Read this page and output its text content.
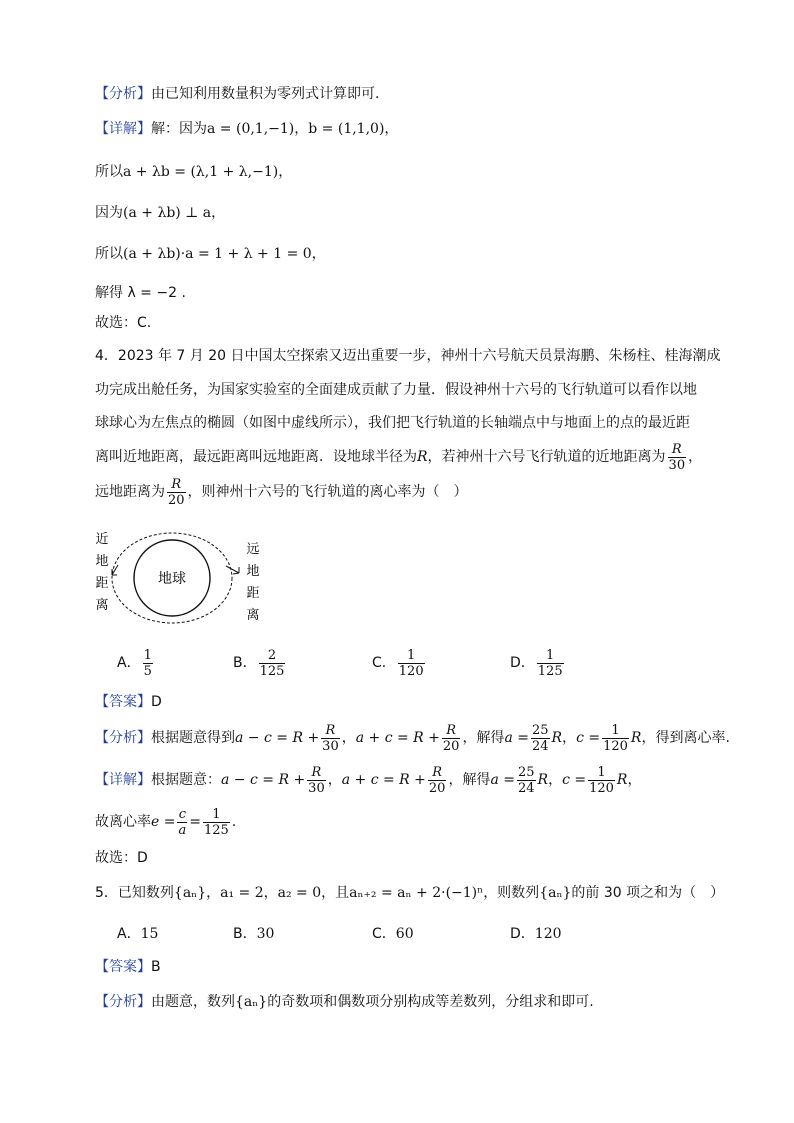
【分析】由已知利用数量积为零列式计算即可.
【详解】解：因为a = (0,1,−1)，b = (1,1,0)，
所以a + λb = (λ,1 + λ,−1)，
因为(a + λb) ⊥ a，
所以(a + λb)·a = 1 + λ + 1 = 0，
解得 λ = −2 .
故选：C.
4．2023 年 7 月 20 日中国太空探索又迈出重要一步，神州十六号航天员景海鹏、朱杨柱、桂海潮成
功完成出舱任务，为国家实验室的全面建成贡献了力量．假设神州十六号的飞行轨道可以看作以地
球球心为左焦点的椭圆（如图中虚线所示），我们把飞行轨道的长轴端点中与地面上的点的最近距
离叫近地距离，最远距离叫远地距离．设地球半径为R，若神州十六号飞行轨道的近地距离为 $\frac{R}{30}$ ，
远地距离为 $\frac{R}{20}$ ，则神州十六号的飞行轨道的离心率为（　）
地球
近
地
距
离
远
地
距
离
A． $\frac{1}{5}$	B． $\frac{2}{125}$	C． $\frac{1}{120}$	D． $\frac{1}{125}$
【答案】D
【分析】根据题意得到$a - c = R + \frac{R}{30}$ ，$a + c = R + \frac{R}{20}$ ，解得$a = \frac{25}{24}$ R，$c = \frac{1}{120}$ R，得到离心率.
【详解】根据题意：$a - c = R + \frac{R}{30}$ ，$a + c = R + \frac{R}{20}$ ，解得$a = \frac{25}{24}$ R，$c = \frac{1}{120}$ R，
故离心率$e = \frac{c}{a} = \frac{1}{125}$ .
故选：D
5．已知数列{aₙ}，a₁ = 2，a₂ = 0，且aₙ₊₂ = aₙ + 2·(−1)ⁿ，则数列{aₙ}的前 30 项之和为（　）
A．15	B．30	C．60	D．120
【答案】B
【分析】由题意，数列{aₙ}的奇数项和偶数项分别构成等差数列，分组求和即可.
